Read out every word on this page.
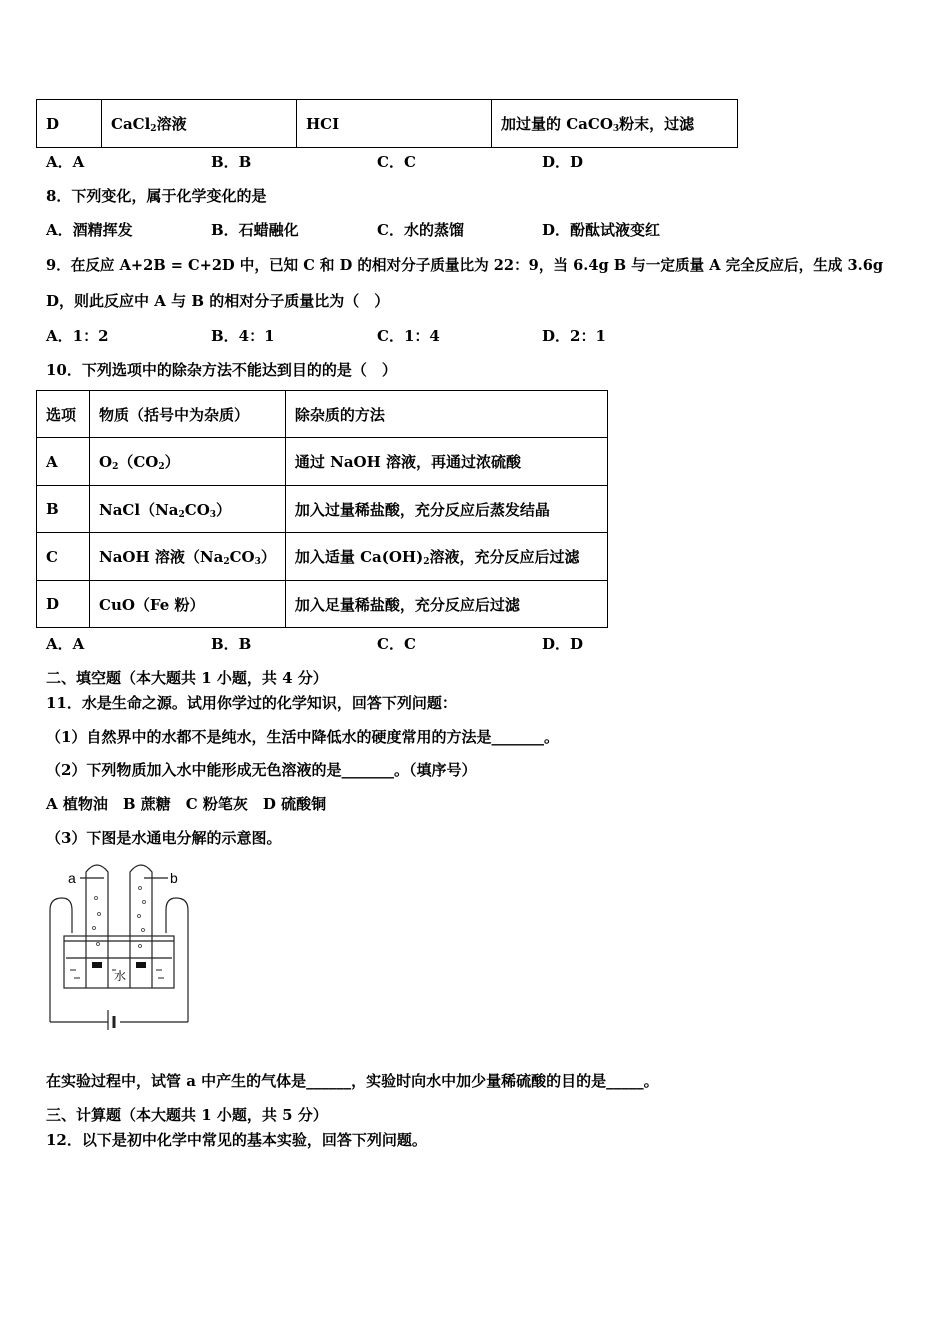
D	CaCl$_2$溶液	HCI	加过量的 CaCO$_3$粉末，过滤
A．A	B．B	C．C	D．D
8．下列变化，属于化学变化的是
A．酒精挥发	B．石蜡融化	C．水的蒸馏	D．酚酞试液变红
9．在反应 A+2B = C+2D 中，已知 C 和 D 的相对分子质量比为 22：9，当 6.4g B 与一定质量 A 完全反应后，生成 3.6g
D，则此反应中 A 与 B 的相对分子质量比为（　）
A．1：2	B．4：1	C．1：4	D．2：1
10．下列选项中的除杂方法不能达到目的的是（　）
选项	物质（括号中为杂质）	除杂质的方法
A	$O_2(CO_2)$	通过 NaOH 溶液，再通过浓硫酸
B	$NaCl(Na_2CO_3)$	加入过量稀盐酸，充分反应后蒸发结晶
C	NaOH 溶液$(Na_2CO_3)$	加入适量 $Ca(OH)_2$溶液，充分反应后过滤
D	CuO（Fe 粉）	加入足量稀盐酸，充分反应后过滤
A．A	B．B	C．C	D．D
二、填空题（本大题共 1 小题，共 4 分）
11．水是生命之源。试用你学过的化学知识，回答下列问题：
（1）自然界中的水都不是纯水，生活中降低水的硬度常用的方法是_______。
（2）下列物质加入水中能形成无色溶液的是_______。（填序号）
A 植物油　B 蔗糖　C 粉笔灰　D 硫酸铜
（3）下图是水通电分解的示意图。
a	b
水
在实验过程中，试管 a 中产生的气体是______，实验时向水中加少量稀硫酸的目的是_____。
三、计算题（本大题共 1 小题，共 5 分）
12．以下是初中化学中常见的基本实验，回答下列问题。
